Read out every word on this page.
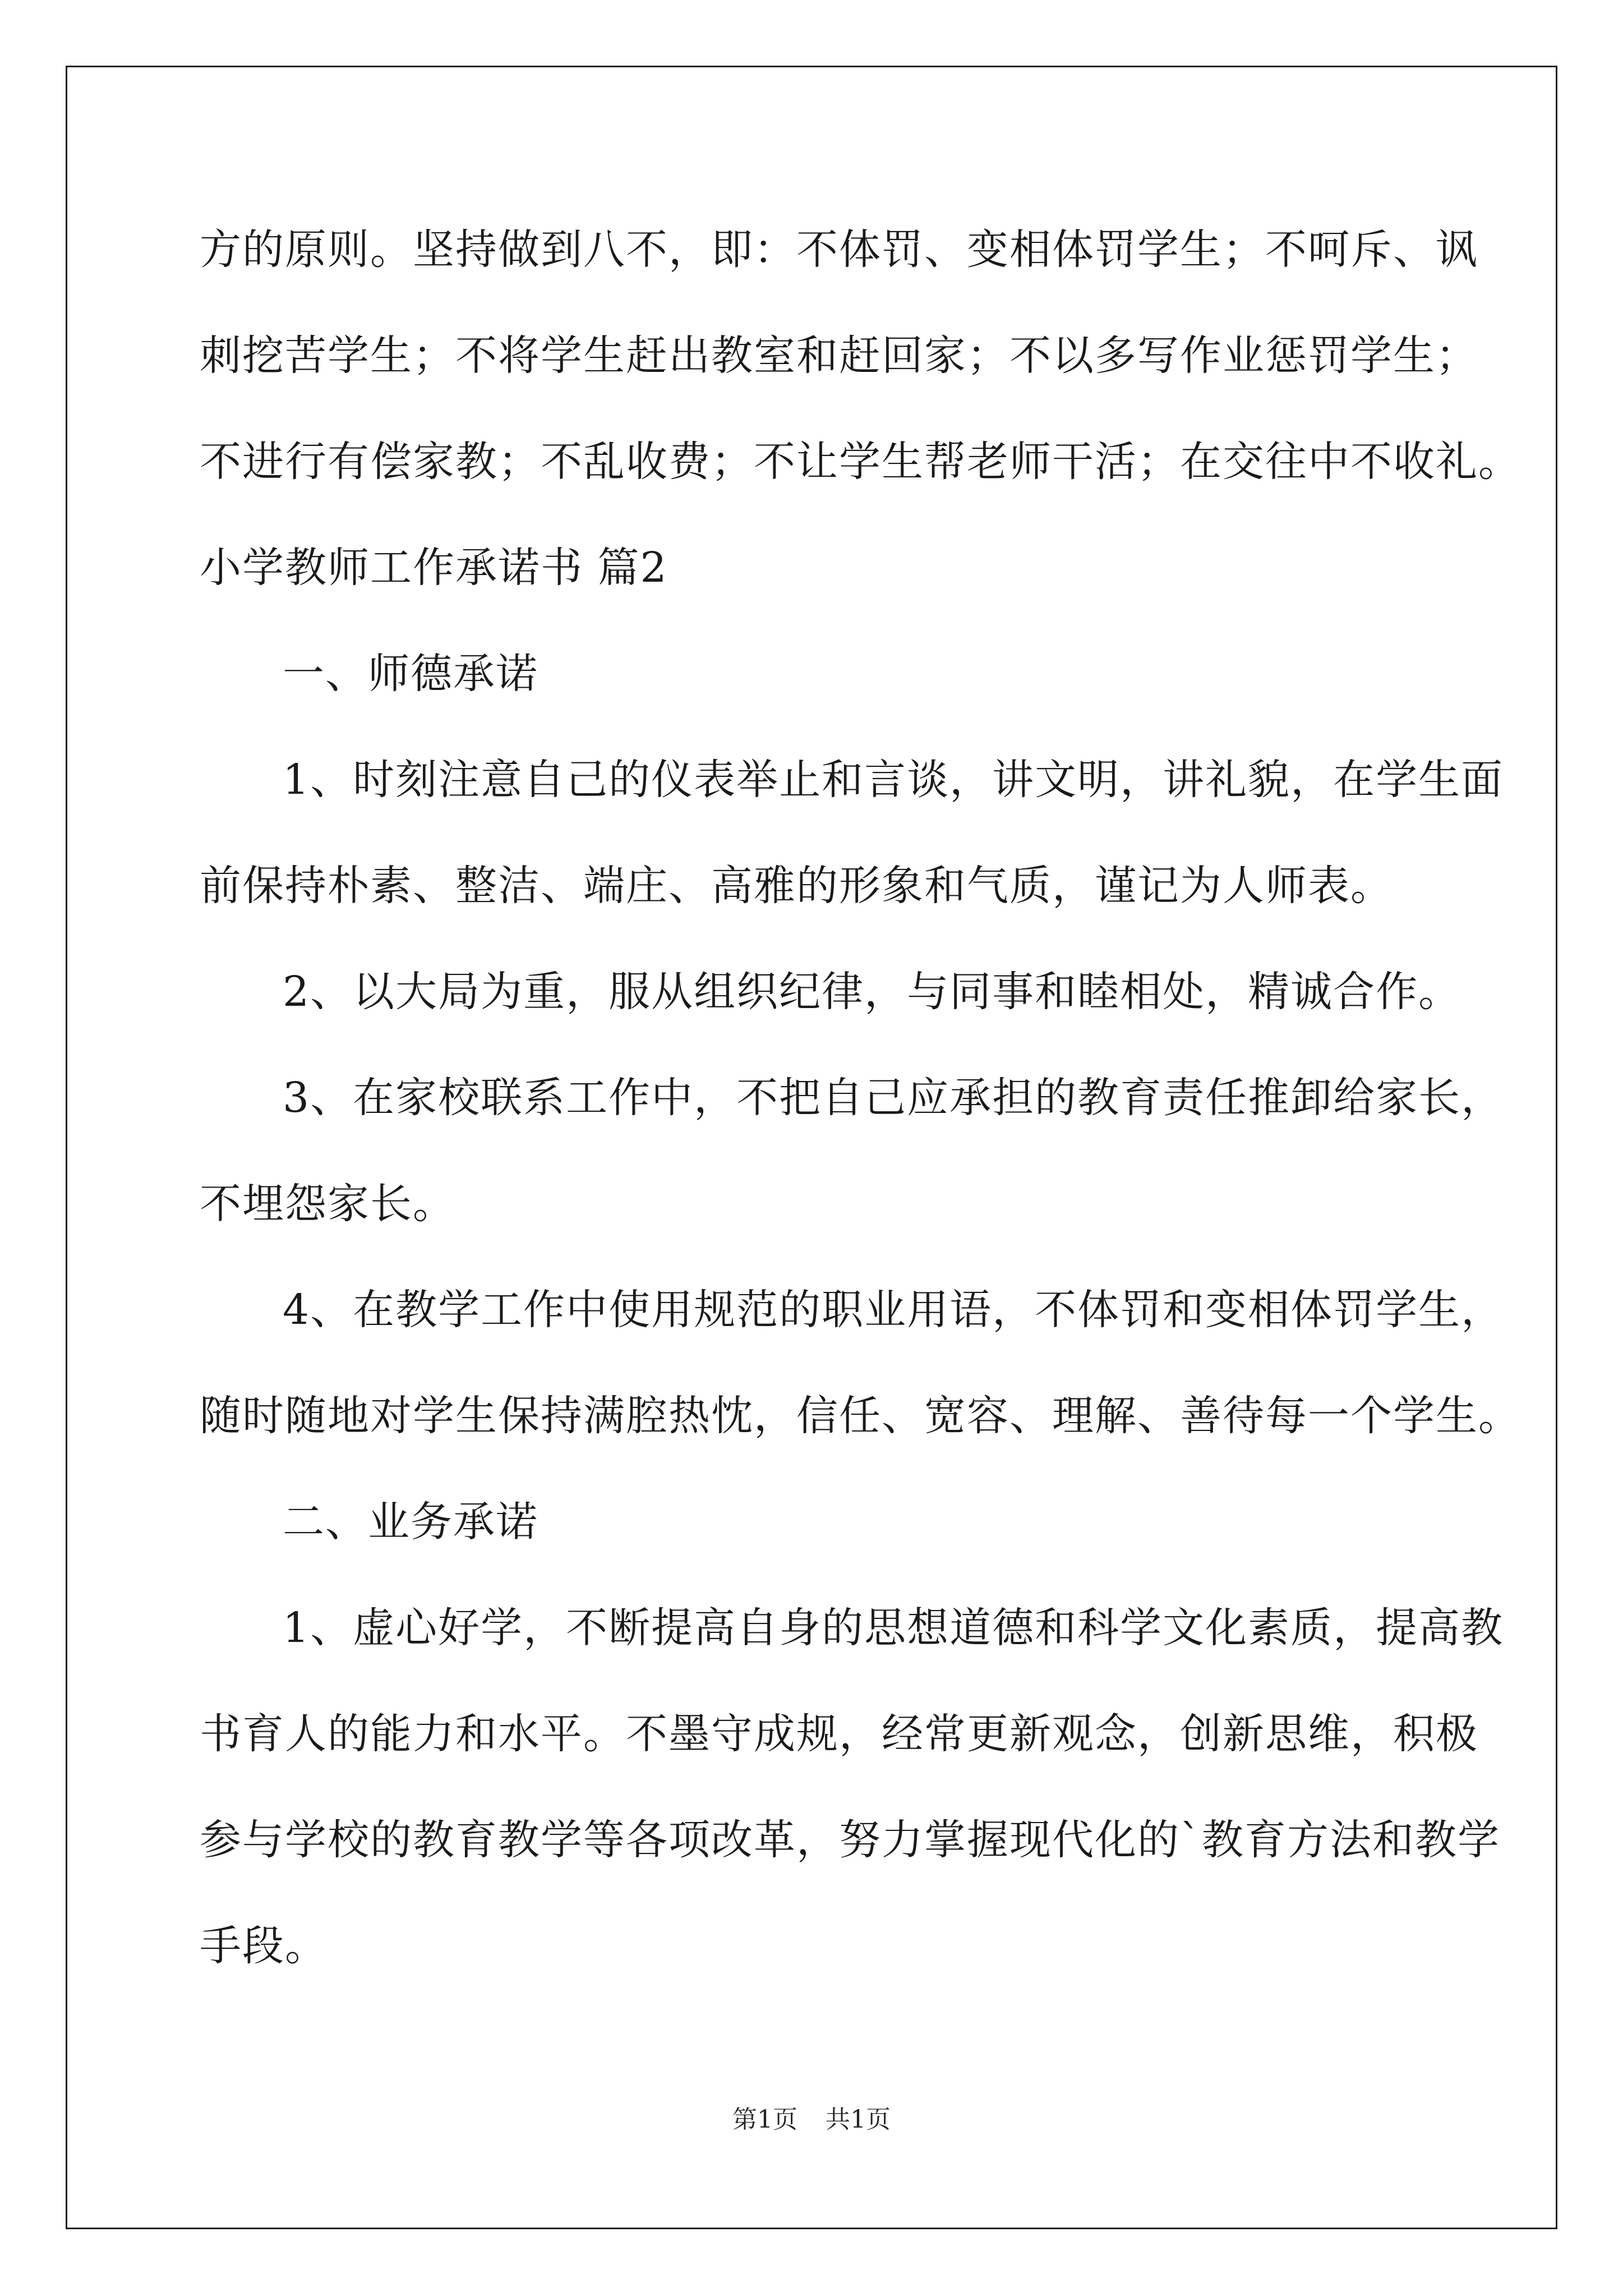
方的原则。坚持做到八不，即：不体罚、变相体罚学生；不呵斥、讽
刺挖苦学生；不将学生赶出教室和赶回家；不以多写作业惩罚学生；
不进行有偿家教；不乱收费；不让学生帮老师干活；在交往中不收礼。
小学教师工作承诺书 篇2
一、师德承诺
1、时刻注意自己的仪表举止和言谈，讲文明，讲礼貌，在学生面
前保持朴素、整洁、端庄、高雅的形象和气质，谨记为人师表。
2、以大局为重，服从组织纪律，与同事和睦相处，精诚合作。
3、在家校联系工作中，不把自己应承担的教育责任推卸给家长，
不埋怨家长。
4、在教学工作中使用规范的职业用语，不体罚和变相体罚学生，
随时随地对学生保持满腔热忱，信任、宽容、理解、善待每一个学生。
二、业务承诺
1、虚心好学，不断提高自身的思想道德和科学文化素质，提高教
书育人的能力和水平。不墨守成规，经常更新观念，创新思维，积极
参与学校的教育教学等各项改革，努力掌握现代化的`教育方法和教学
手段。
第1页 共1页
